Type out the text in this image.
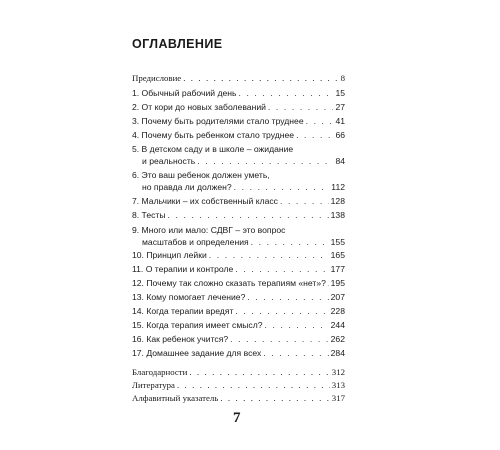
ОГЛАВЛЕНИЕ
Предисловие . . .	8
1. Обычный рабочий день . . .	15
2. От кори до новых заболеваний . . .	27
3. Почему быть родителями стало труднее . . .	41
4. Почему быть ребенком стало труднее . . .	66
5. В детском саду и в школе – ожидание
и реальность . . .	84
6. Это ваш ребенок должен уметь,
но правда ли должен? . . .	112
7. Мальчики – их собственный класс . . .	128
8. Тесты . . .	138
9. Много или мало: СДВГ – это вопрос
масштабов и определения . . .	155
10. Принцип лейки . . .	165
11. О терапии и контроле . . .	177
12. Почему так сложно сказать терапиям «нет»? . . . 195
13. Кому помогает лечение? . . .	207
14. Когда терапии вредят . . .	228
15. Когда терапия имеет смысл? . . .	244
16. Как ребенок учится? . . .	262
17. Домашнее задание для всех . . .	284
Благодарности . . .	312
Литература . . .	313
Алфавитный указатель . . .	317
7
